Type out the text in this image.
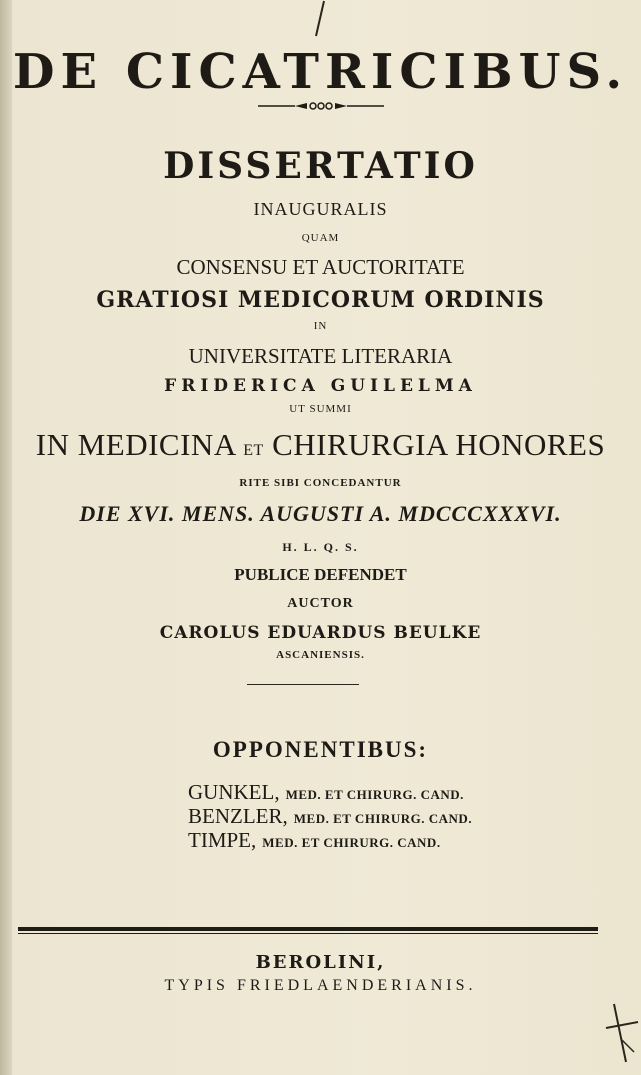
DE CICATRICIBUS.
DISSERTATIO
INAUGURALIS
QUAM
CONSENSU ET AUCTORITATE
GRATIOSI MEDICORUM ORDINIS
IN
UNIVERSITATE LITERARIA
FRIDERICA GUILELMA
UT SUMMI
IN MEDICINA ET CHIRURGIA HONORES
RITE SIBI CONCEDANTUR
DIE XVI. MENS. AUGUSTI A. MDCCCXXXVI.
H. L. Q. S.
PUBLICE DEFENDET
AUCTOR
CAROLUS EDUARDUS BEULKE
ASCANIENSIS.
OPPONENTIBUS:
GUNKEL, MED. ET CHIRURG. CAND.
BENZLER, MED. ET CHIRURG. CAND.
TIMPE, MED. ET CHIRURG. CAND.
BEROLINI,
TYPIS FRIEDLAENDERIANIS.
